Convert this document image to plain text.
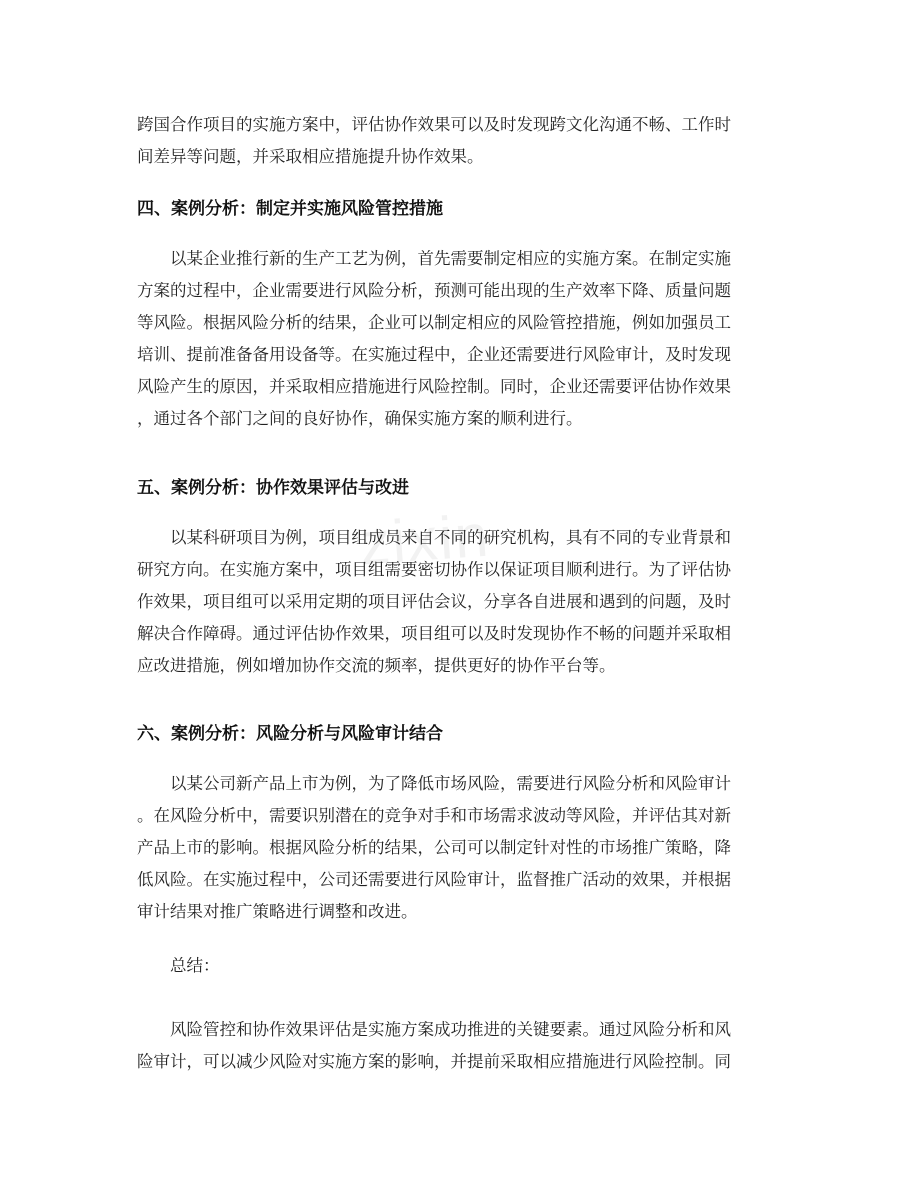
zixin
跨国合作项目的实施方案中，评估协作效果可以及时发现跨文化沟通不畅、工作时
间差异等问题，并采取相应措施提升协作效果。
四、案例分析：制定并实施风险管控措施
以某企业推行新的生产工艺为例，首先需要制定相应的实施方案。在制定实施
方案的过程中，企业需要进行风险分析，预测可能出现的生产效率下降、质量问题
等风险。根据风险分析的结果，企业可以制定相应的风险管控措施，例如加强员工
培训、提前准备备用设备等。在实施过程中，企业还需要进行风险审计，及时发现
风险产生的原因，并采取相应措施进行风险控制。同时，企业还需要评估协作效果
，通过各个部门之间的良好协作，确保实施方案的顺利进行。
五、案例分析：协作效果评估与改进
以某科研项目为例，项目组成员来自不同的研究机构，具有不同的专业背景和
研究方向。在实施方案中，项目组需要密切协作以保证项目顺利进行。为了评估协
作效果，项目组可以采用定期的项目评估会议，分享各自进展和遇到的问题，及时
解决合作障碍。通过评估协作效果，项目组可以及时发现协作不畅的问题并采取相
应改进措施，例如增加协作交流的频率，提供更好的协作平台等。
六、案例分析：风险分析与风险审计结合
以某公司新产品上市为例，为了降低市场风险，需要进行风险分析和风险审计
。在风险分析中，需要识别潜在的竞争对手和市场需求波动等风险，并评估其对新
产品上市的影响。根据风险分析的结果，公司可以制定针对性的市场推广策略，降
低风险。在实施过程中，公司还需要进行风险审计，监督推广活动的效果，并根据
审计结果对推广策略进行调整和改进。
总结：
风险管控和协作效果评估是实施方案成功推进的关键要素。通过风险分析和风
险审计，可以减少风险对实施方案的影响，并提前采取相应措施进行风险控制。同
